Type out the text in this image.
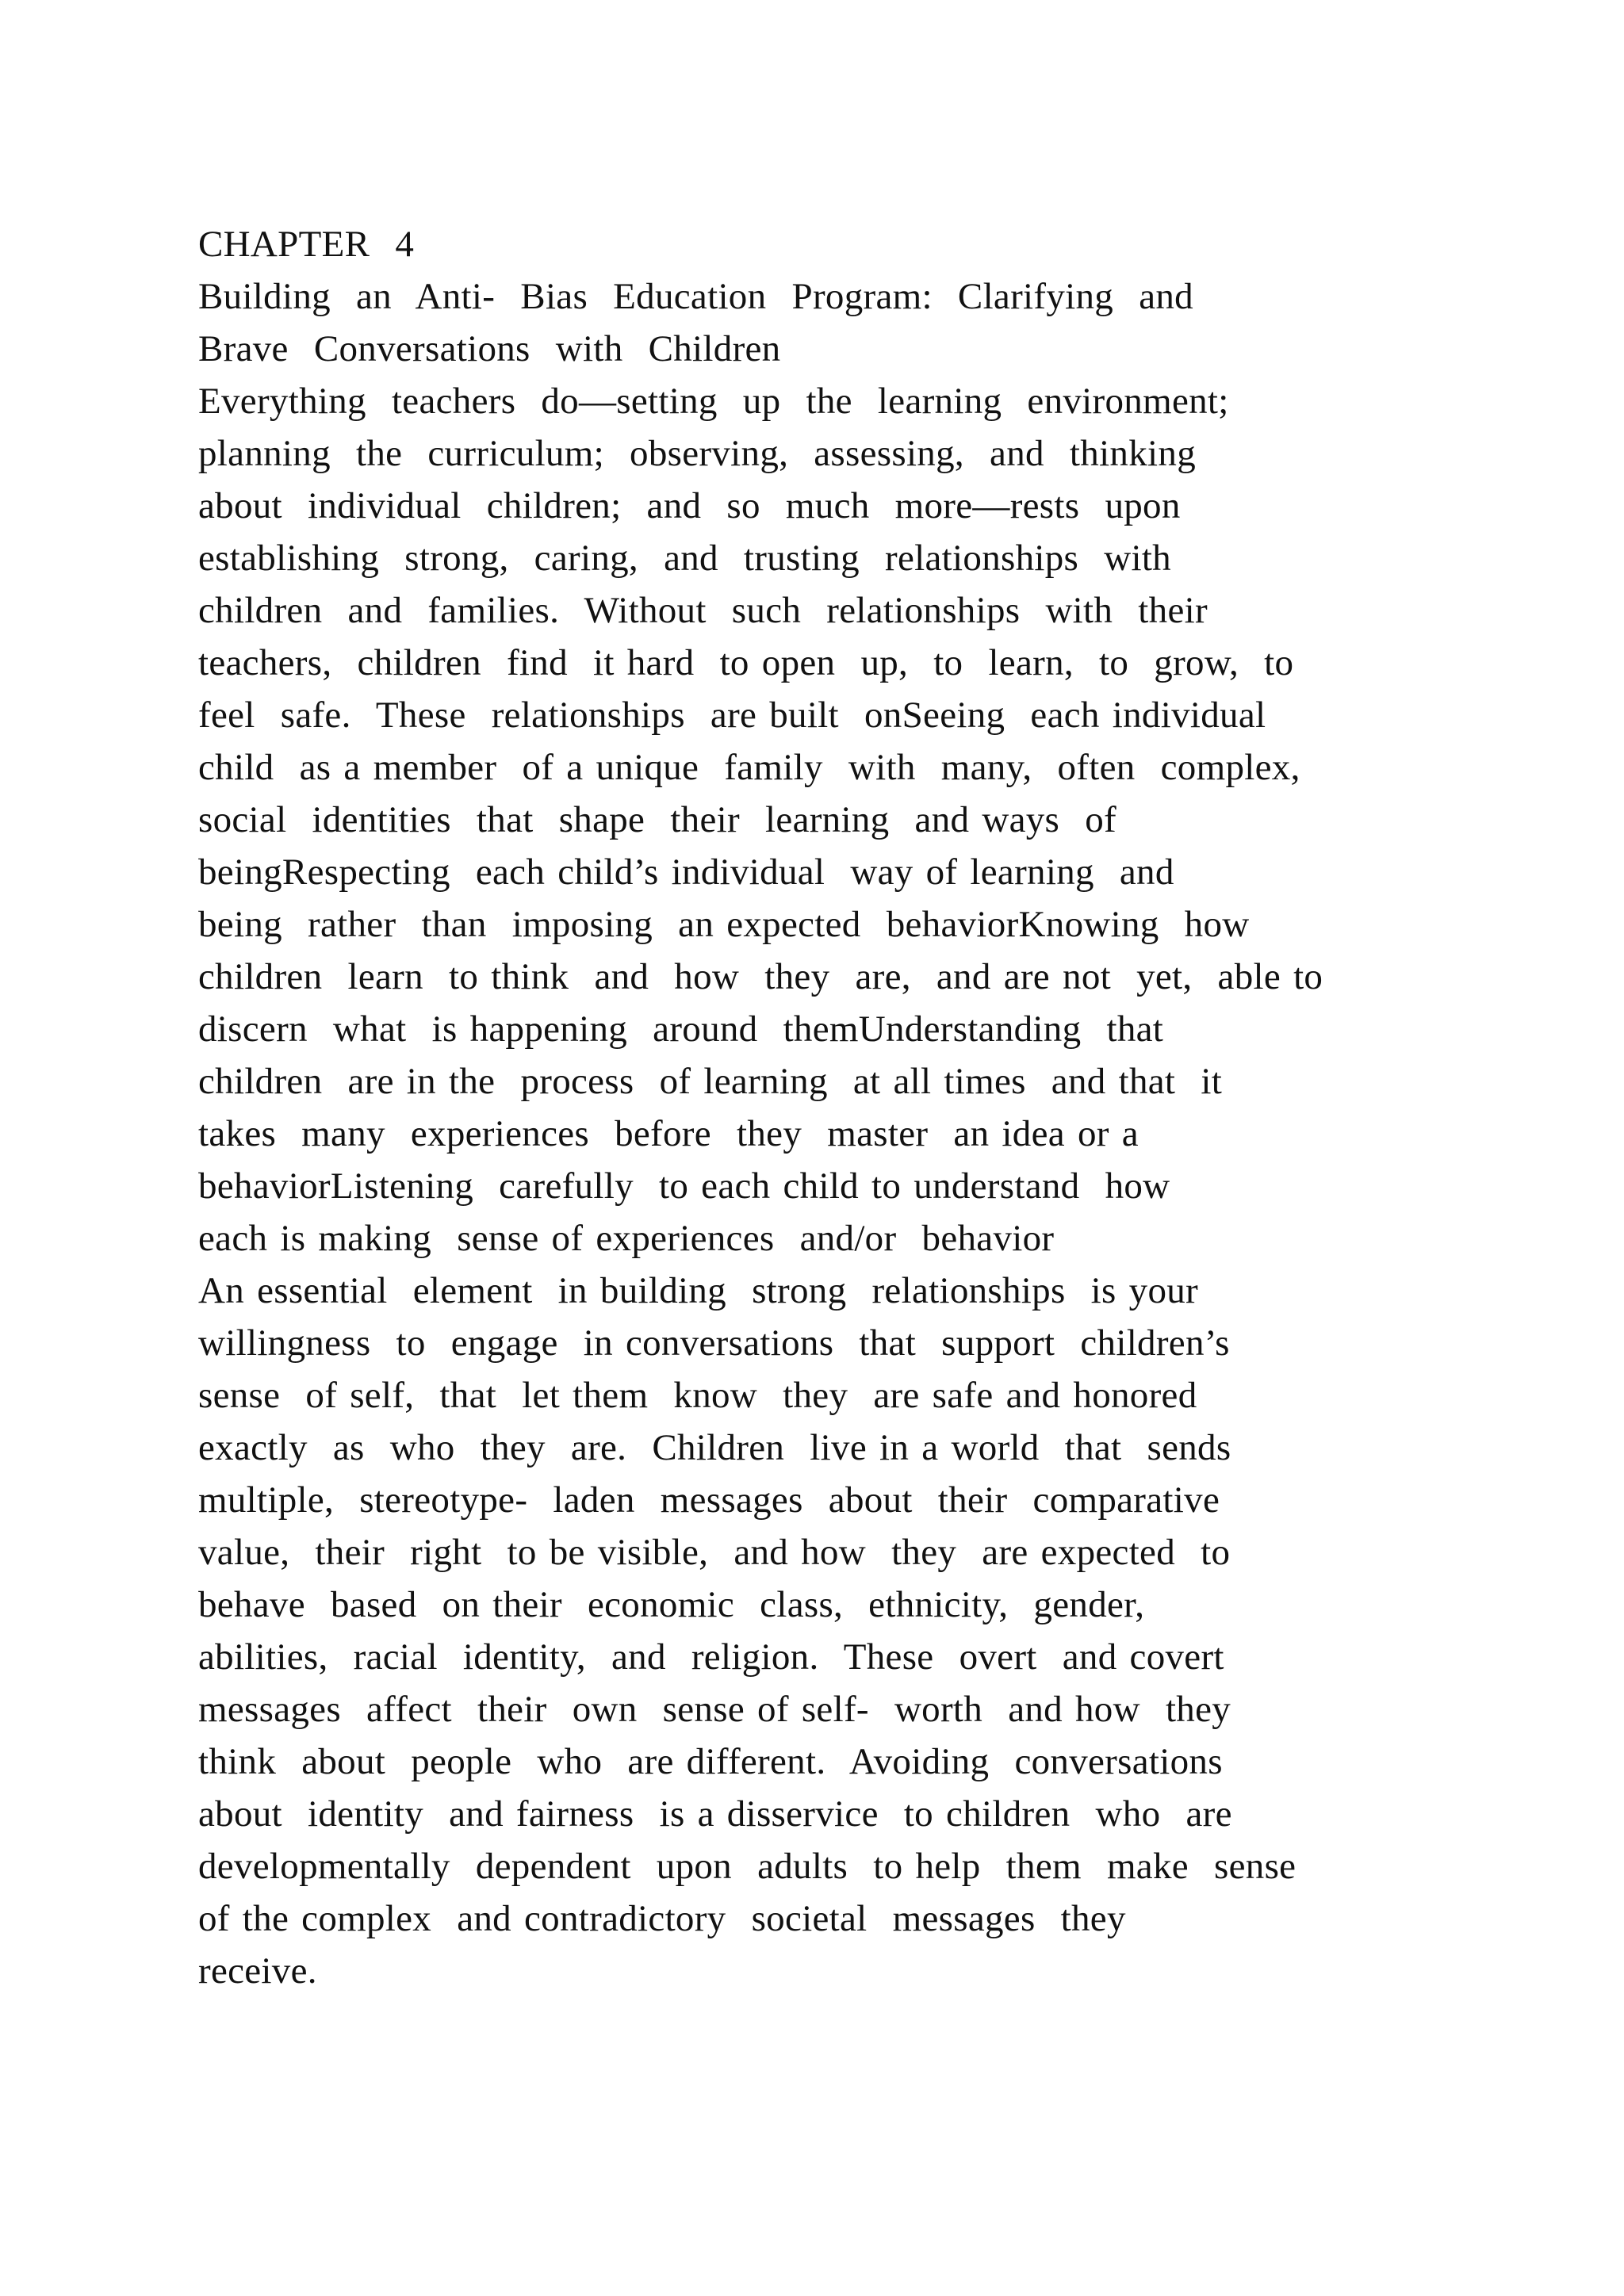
CHAPTER  4
Building  an  Anti-  Bias  Education  Program:  Clarifying  and
Brave  Conversations  with  Children
Everything  teachers  do—setting  up  the  learning  environment;
planning  the  curriculum;  observing,  assessing,  and  thinking
about  individual  children;  and  so  much  more—rests  upon
establishing  strong,  caring,  and  trusting  relationships  with
children  and  families.  Without  such  relationships  with  their
teachers,  children  find  it hard  to open  up,  to  learn,  to  grow,  to
feel  safe.  These  relationships  are built  onSeeing  each individual
child  as a member  of a unique  family  with  many,  often  complex,
social  identities  that  shape  their  learning  and ways  of
beingRespecting  each child’s individual  way of learning  and
being  rather  than  imposing  an expected  behaviorKnowing  how
children  learn  to think  and  how  they  are,  and are not  yet,  able to
discern  what  is happening  around  themUnderstanding  that
children  are in the  process  of learning  at all times  and that  it
takes  many  experiences  before  they  master  an idea or a
behaviorListening  carefully  to each child to understand  how
each is making  sense of experiences  and/or  behavior
An essential  element  in building  strong  relationships  is your
willingness  to  engage  in conversations  that  support  children’s
sense  of self,  that  let them  know  they  are safe and honored
exactly  as  who  they  are.  Children  live in a world  that  sends
multiple,  stereotype-  laden  messages  about  their  comparative
value,  their  right  to be visible,  and how  they  are expected  to
behave  based  on their  economic  class,  ethnicity,  gender,
abilities,  racial  identity,  and  religion.  These  overt  and covert
messages  affect  their  own  sense of self-  worth  and how  they
think  about  people  who  are different.  Avoiding  conversations
about  identity  and fairness  is a disservice  to children  who  are
developmentally  dependent  upon  adults  to help  them  make  sense
of the complex  and contradictory  societal  messages  they
receive.
